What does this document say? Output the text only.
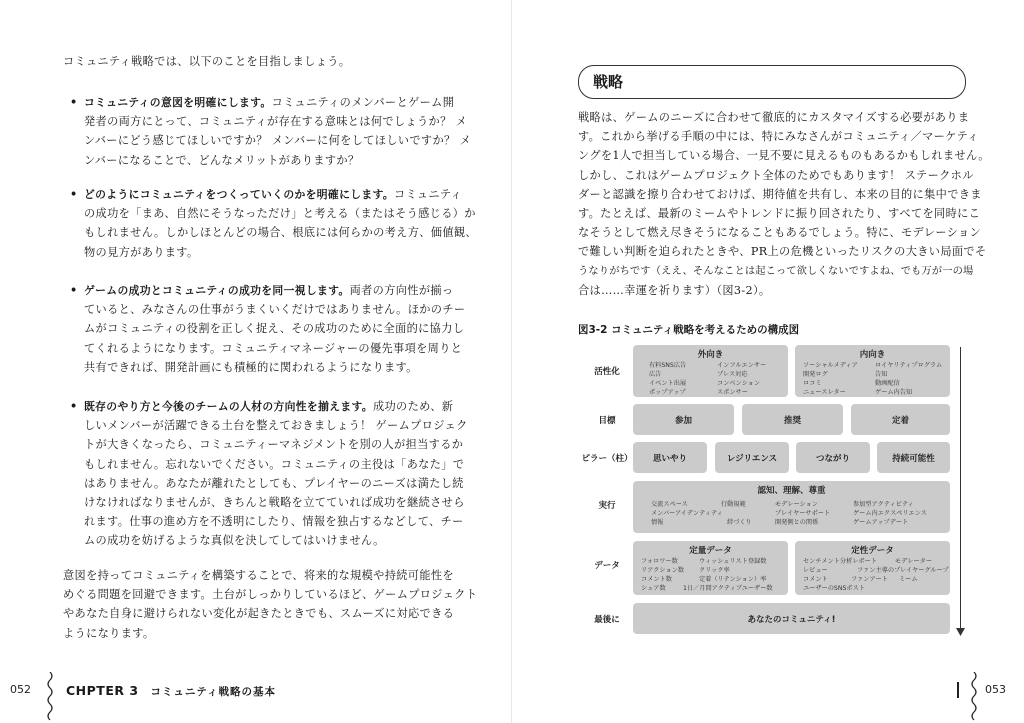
コミュニティ戦略では、以下のことを目指しましょう。
• コミュニティの意図を明確にします。コミュニティのメンバーとゲーム開
発者の両方にとって、コミュニティが存在する意味とは何でしょうか？ メ
ンバーにどう感じてほしいですか？ メンバーに何をしてほしいですか？ メ
ンバーになることで、どんなメリットがありますか？
• どのようにコミュニティをつくっていくのかを明確にします。コミュニティ
の成功を「まあ、自然にそうなっただけ」と考える（またはそう感じる）か
もしれません。しかしほとんどの場合、根底には何らかの考え方、価値観、
物の見方があります。
• ゲームの成功とコミュニティの成功を同一視します。両者の方向性が揃っ
ていると、みなさんの仕事がうまくいくだけではありません。ほかのチー
ムがコミュニティの役割を正しく捉え、その成功のために全面的に協力し
てくれるようになります。コミュニティマネージャーの優先事項を周りと
共有できれば、開発計画にも積極的に関われるようになります。
• 既存のやり方と今後のチームの人材の方向性を揃えます。成功のため、新
しいメンバーが活躍できる土台を整えておきましょう！ ゲームプロジェク
トが大きくなったら、コミュニティーマネジメントを別の人が担当するか
もしれません。忘れないでください。コミュニティの主役は「あなた」で
はありません。あなたが離れたとしても、プレイヤーのニーズは満たし続
けなければなりませんが、きちんと戦略を立てていれば成功を継続させら
れます。仕事の進め方を不透明にしたり、情報を独占するなどして、チー
ムの成功を妨げるような真似を決してしてはいけません。
意図を持ってコミュニティを構築することで、将来的な規模や持続可能性を
めぐる問題を回避できます。土台がしっかりしているほど、ゲームプロジェクト
やあなた自身に避けられない変化が起きたときでも、スムーズに対応できる
ようになります。
052	CHPTER 3 コミュニティ戦略の基本
戦略
戦略は、ゲームのニーズに合わせて徹底的にカスタマイズする必要がありま
す。これから挙げる手順の中には、特にみなさんがコミュニティ／マーケティ
ングを1人で担当している場合、一見不要に見えるものもあるかもしれません。
しかし、これはゲームプロジェクト全体のためでもあります！ ステークホル
ダーと認識を擦り合わせておけば、期待値を共有し、本来の目的に集中できま
す。たとえば、最新のミームやトレンドに振り回されたり、すべてを同時にこ
なそうとして燃え尽きそうになることもあるでしょう。特に、モデレーション
で難しい判断を迫られたときや、PR上の危機といったリスクの大きい局面でそ
うなりがちです（ええ、そんなことは起こって欲しくないですよね、でも万が一の場
合は……幸運を祈ります）（図3-2）。
図3-2 コミュニティ戦略を考えるための構成図
活性化
目標
ピラー（柱）
実行
データ
最後に
外向き
有料SNS広告
広告
イベント出展
ポップアップ
インフルエンサー
プレス対応
コンベンション
スポンサー
内向き
ソーシャルメディア
開発ログ
ロコミ
ニュースレター
ロイヤリティプログラム
告知
動画配信
ゲーム内告知
参加	推奨	定着
思いやり	レジリエンス	つながり	持続可能性
認知、理解、尊重
交流スペース
メンバーアイデンティティ
情報
行動規範
絆づくり
モデレーション
プレイヤーサポート
開発側との関係
参加型アクティビティ
ゲーム内エクスペリエンス
ゲームアップデート
定量データ
フォロワー数
リアクション数
コメント数
シェア数
ウィッシュリスト登録数
クリック率
定着（リテンション）率
1日／月間アクティブユーザー数
定性データ
センチメント分析レポート
レビュー
コメント
ユーザーのSNSポスト
モデレーター
ファン主導のプレイヤーグループ
ファンアート ミーム
あなたのコミュニティ!
053
